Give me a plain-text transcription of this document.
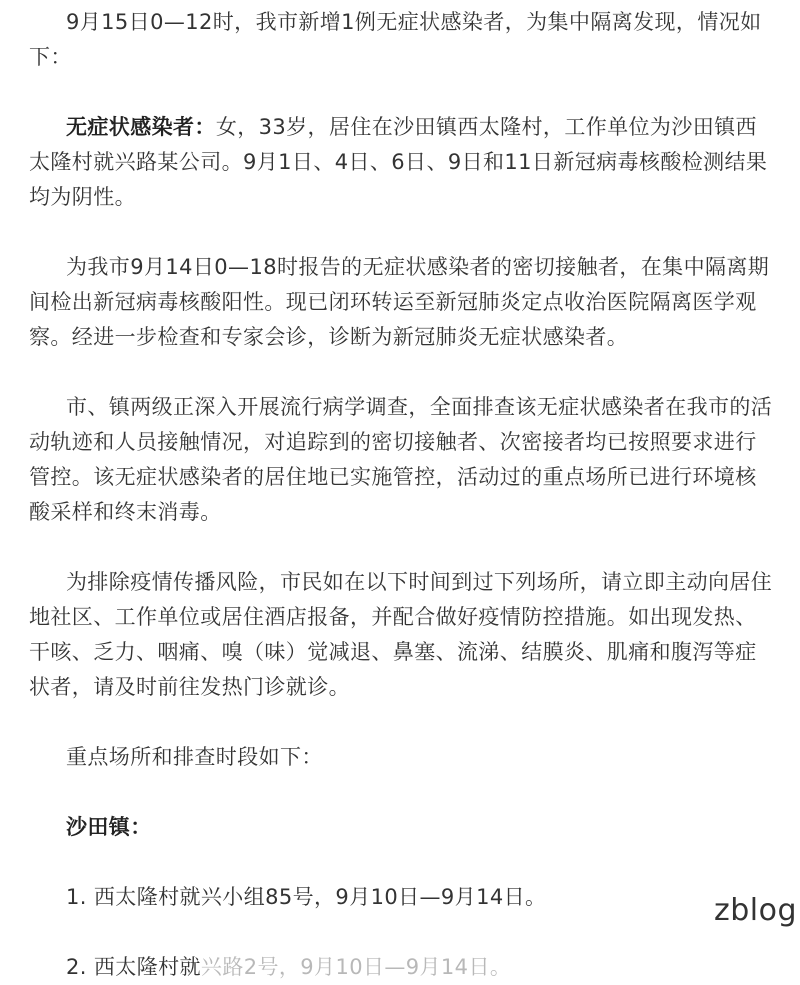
9月15日0—12时，我市新增1例无症状感染者，为集中隔离发现，情况如下：

无症状感染者：女，33岁，居住在沙田镇西太隆村，工作单位为沙田镇西太隆村就兴路某公司。9月1日、4日、6日、9日和11日新冠病毒核酸检测结果均为阴性。

为我市9月14日0—18时报告的无症状感染者的密切接触者，在集中隔离期间检出新冠病毒核酸阳性。现已闭环转运至新冠肺炎定点收治医院隔离医学观察。经进一步检查和专家会诊，诊断为新冠肺炎无症状感染者。

市、镇两级正深入开展流行病学调查，全面排查该无症状感染者在我市的活动轨迹和人员接触情况，对追踪到的密切接触者、次密接者均已按照要求进行管控。该无症状感染者的居住地已实施管控，活动过的重点场所已进行环境核酸采样和终末消毒。

为排除疫情传播风险，市民如在以下时间到过下列场所，请立即主动向居住地社区、工作单位或居住酒店报备，并配合做好疫情防控措施。如出现发热、干咳、乏力、咽痛、嗅（味）觉减退、鼻塞、流涕、结膜炎、肌痛和腹泻等症状者，请及时前往发热门诊就诊。

重点场所和排查时段如下：

沙田镇：

1. 西太隆村就兴小组85号，9月10日—9月14日。

2. 西太隆村就兴路2号，9月10日—9月14日。

zblog
